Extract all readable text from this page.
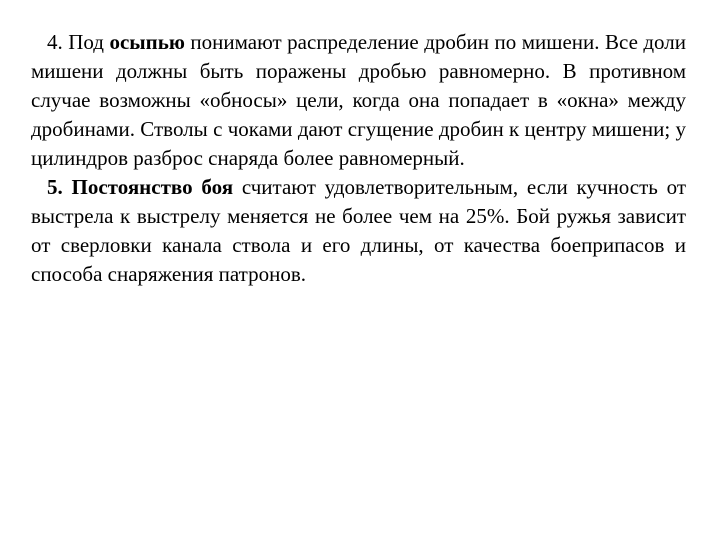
4. Под осыпью понимают распределение дробин по мишени. Все доли мишени должны быть поражены дробью равномерно. В противном случае возможны «обносы» цели, когда она попадает в «окна» между дробинами. Стволы с чоками дают сгущение дробин к центру мишени; у цилиндров разброс снаряда более равномерный.

5. Постоянство боя считают удовлетворительным, если кучность от выстрела к выстрелу меняется не более чем на 25%. Бой ружья зависит от сверловки канала ствола и его длины, от качества боеприпасов и способа снаряжения патронов.
